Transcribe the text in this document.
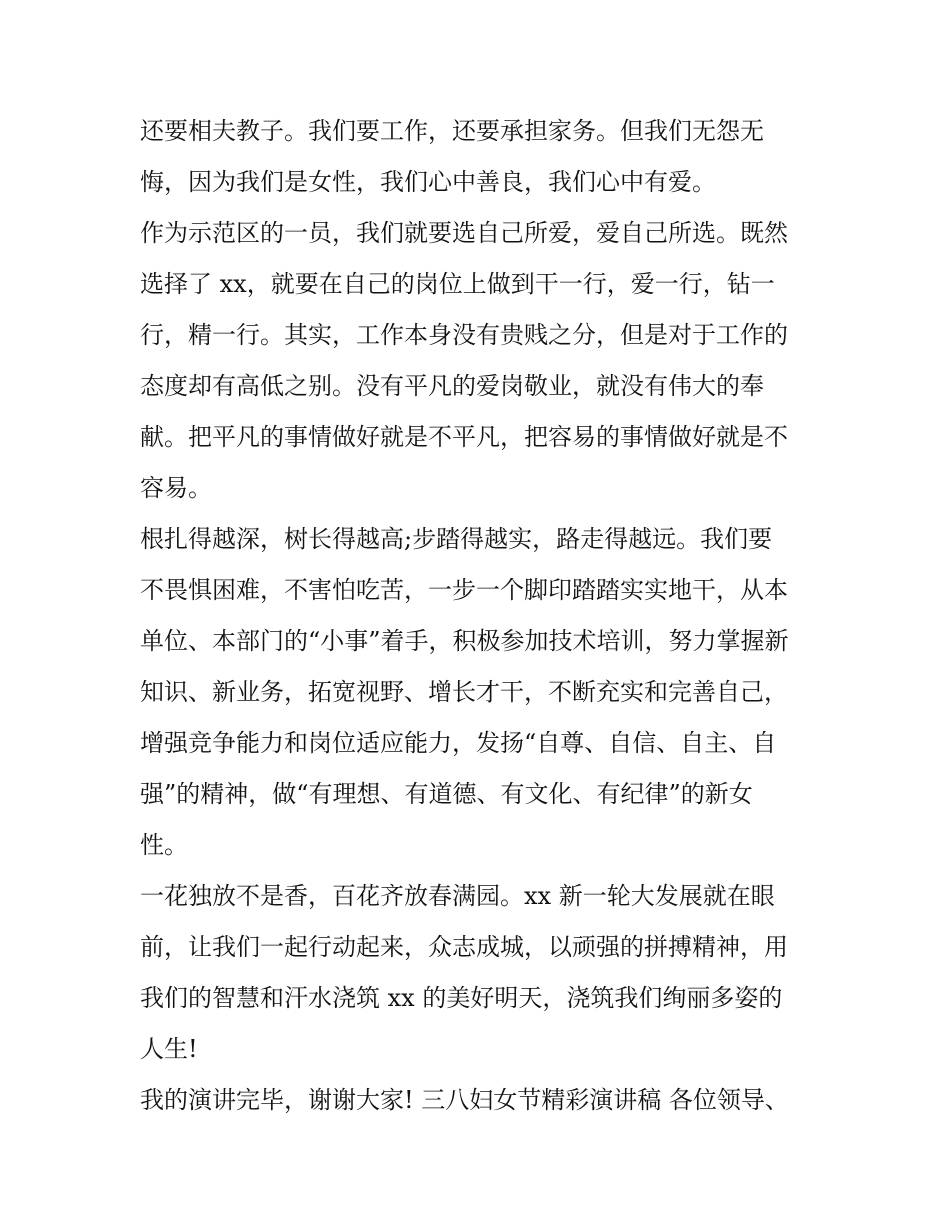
还要相夫教子。我们要工作，还要承担家务。但我们无怨无
悔，因为我们是女性，我们心中善良，我们心中有爱。
作为示范区的一员，我们就要选自己所爱，爱自己所选。既然
选择了 xx，就要在自己的岗位上做到干一行，爱一行，钻一
行，精一行。其实，工作本身没有贵贱之分，但是对于工作的
态度却有高低之别。没有平凡的爱岗敬业，就没有伟大的奉
献。把平凡的事情做好就是不平凡，把容易的事情做好就是不
容易。
根扎得越深，树长得越高;步踏得越实，路走得越远。我们要
不畏惧困难，不害怕吃苦，一步一个脚印踏踏实实地干，从本
单位、本部门的“小事”着手，积极参加技术培训，努力掌握新
知识、新业务，拓宽视野、增长才干，不断充实和完善自己，
增强竞争能力和岗位适应能力，发扬“自尊、自信、自主、自
强”的精神，做“有理想、有道德、有文化、有纪律”的新女
性。
一花独放不是香，百花齐放春满园。xx 新一轮大发展就在眼
前，让我们一起行动起来，众志成城，以顽强的拼搏精神，用
我们的智慧和汗水浇筑 xx 的美好明天，浇筑我们绚丽多姿的
人生!
我的演讲完毕，谢谢大家! 三八妇女节精彩演讲稿 各位领导、
